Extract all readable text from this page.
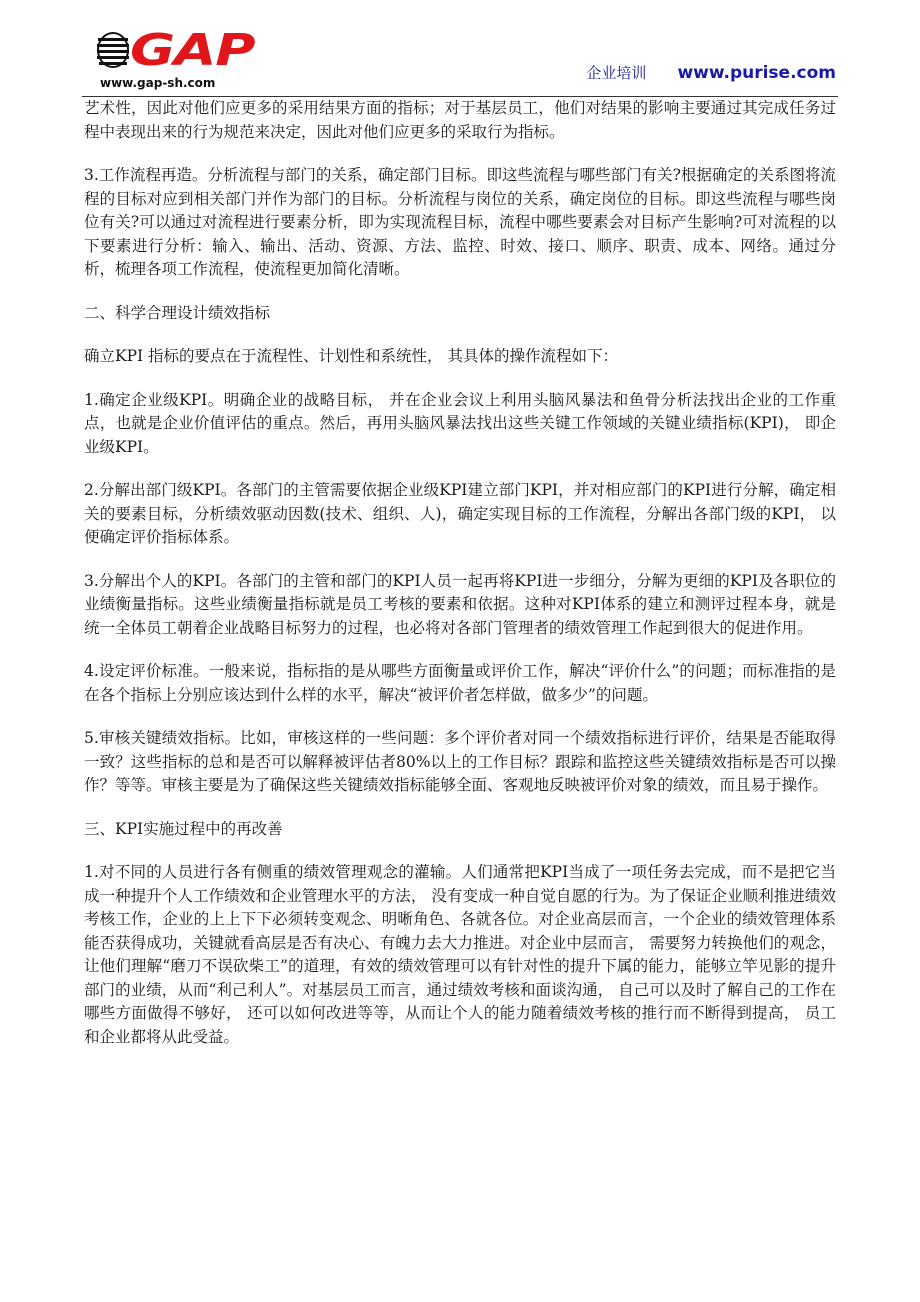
GAP
www.gap-sh.com
企业培训 www.purise.com

艺术性，因此对他们应更多的采用结果方面的指标；对于基层员工，他们对结果的影响主要通过其完成任务过程中表现出来的行为规范来决定，因此对他们应更多的采取行为指标。

3.工作流程再造。分析流程与部门的关系，确定部门目标。即这些流程与哪些部门有关?根据确定的关系图将流程的目标对应到相关部门并作为部门的目标。分析流程与岗位的关系，确定岗位的目标。即这些流程与哪些岗位有关?可以通过对流程进行要素分析，即为实现流程目标，流程中哪些要素会对目标产生影响?可对流程的以下要素进行分析：输入、输出、活动、资源、方法、监控、时效、接口、顺序、职责、成本、网络。通过分析，梳理各项工作流程，使流程更加简化清晰。

二、科学合理设计绩效指标

确立KPI 指标的要点在于流程性、计划性和系统性， 其具体的操作流程如下：

1.确定企业级KPI。明确企业的战略目标， 并在企业会议上利用头脑风暴法和鱼骨分析法找出企业的工作重点，也就是企业价值评估的重点。然后，再用头脑风暴法找出这些关键工作领域的关键业绩指标(KPI)， 即企业级KPI。

2.分解出部门级KPI。各部门的主管需要依据企业级KPI建立部门KPI，并对相应部门的KPI进行分解，确定相关的要素目标，分析绩效驱动因数(技术、组织、人)，确定实现目标的工作流程，分解出各部门级的KPI， 以便确定评价指标体系。

3.分解出个人的KPI。各部门的主管和部门的KPI人员一起再将KPI进一步细分，分解为更细的KPI及各职位的业绩衡量指标。这些业绩衡量指标就是员工考核的要素和依据。这种对KPI体系的建立和测评过程本身，就是统一全体员工朝着企业战略目标努力的过程，也必将对各部门管理者的绩效管理工作起到很大的促进作用。

4.设定评价标准。一般来说，指标指的是从哪些方面衡量或评价工作，解决“评价什么”的问题；而标准指的是在各个指标上分别应该达到什么样的水平，解决“被评价者怎样做，做多少”的问题。

5.审核关键绩效指标。比如，审核这样的一些问题：多个评价者对同一个绩效指标进行评价，结果是否能取得一致？这些指标的总和是否可以解释被评估者80%以上的工作目标？跟踪和监控这些关键绩效指标是否可以操作？等等。审核主要是为了确保这些关键绩效指标能够全面、客观地反映被评价对象的绩效，而且易于操作。

三、KPI实施过程中的再改善

1.对不同的人员进行各有侧重的绩效管理观念的灌输。人们通常把KPI当成了一项任务去完成，而不是把它当成一种提升个人工作绩效和企业管理水平的方法， 没有变成一种自觉自愿的行为。为了保证企业顺利推进绩效考核工作，企业的上上下下必须转变观念、明晰角色、各就各位。对企业高层而言，一个企业的绩效管理体系能否获得成功，关键就看高层是否有决心、有魄力去大力推进。对企业中层而言， 需要努力转换他们的观念，让他们理解“磨刀不误砍柴工”的道理，有效的绩效管理可以有针对性的提升下属的能力，能够立竿见影的提升部门的业绩，从而“利己利人”。对基层员工而言，通过绩效考核和面谈沟通， 自己可以及时了解自己的工作在哪些方面做得不够好， 还可以如何改进等等，从而让个人的能力随着绩效考核的推行而不断得到提高， 员工和企业都将从此受益。
